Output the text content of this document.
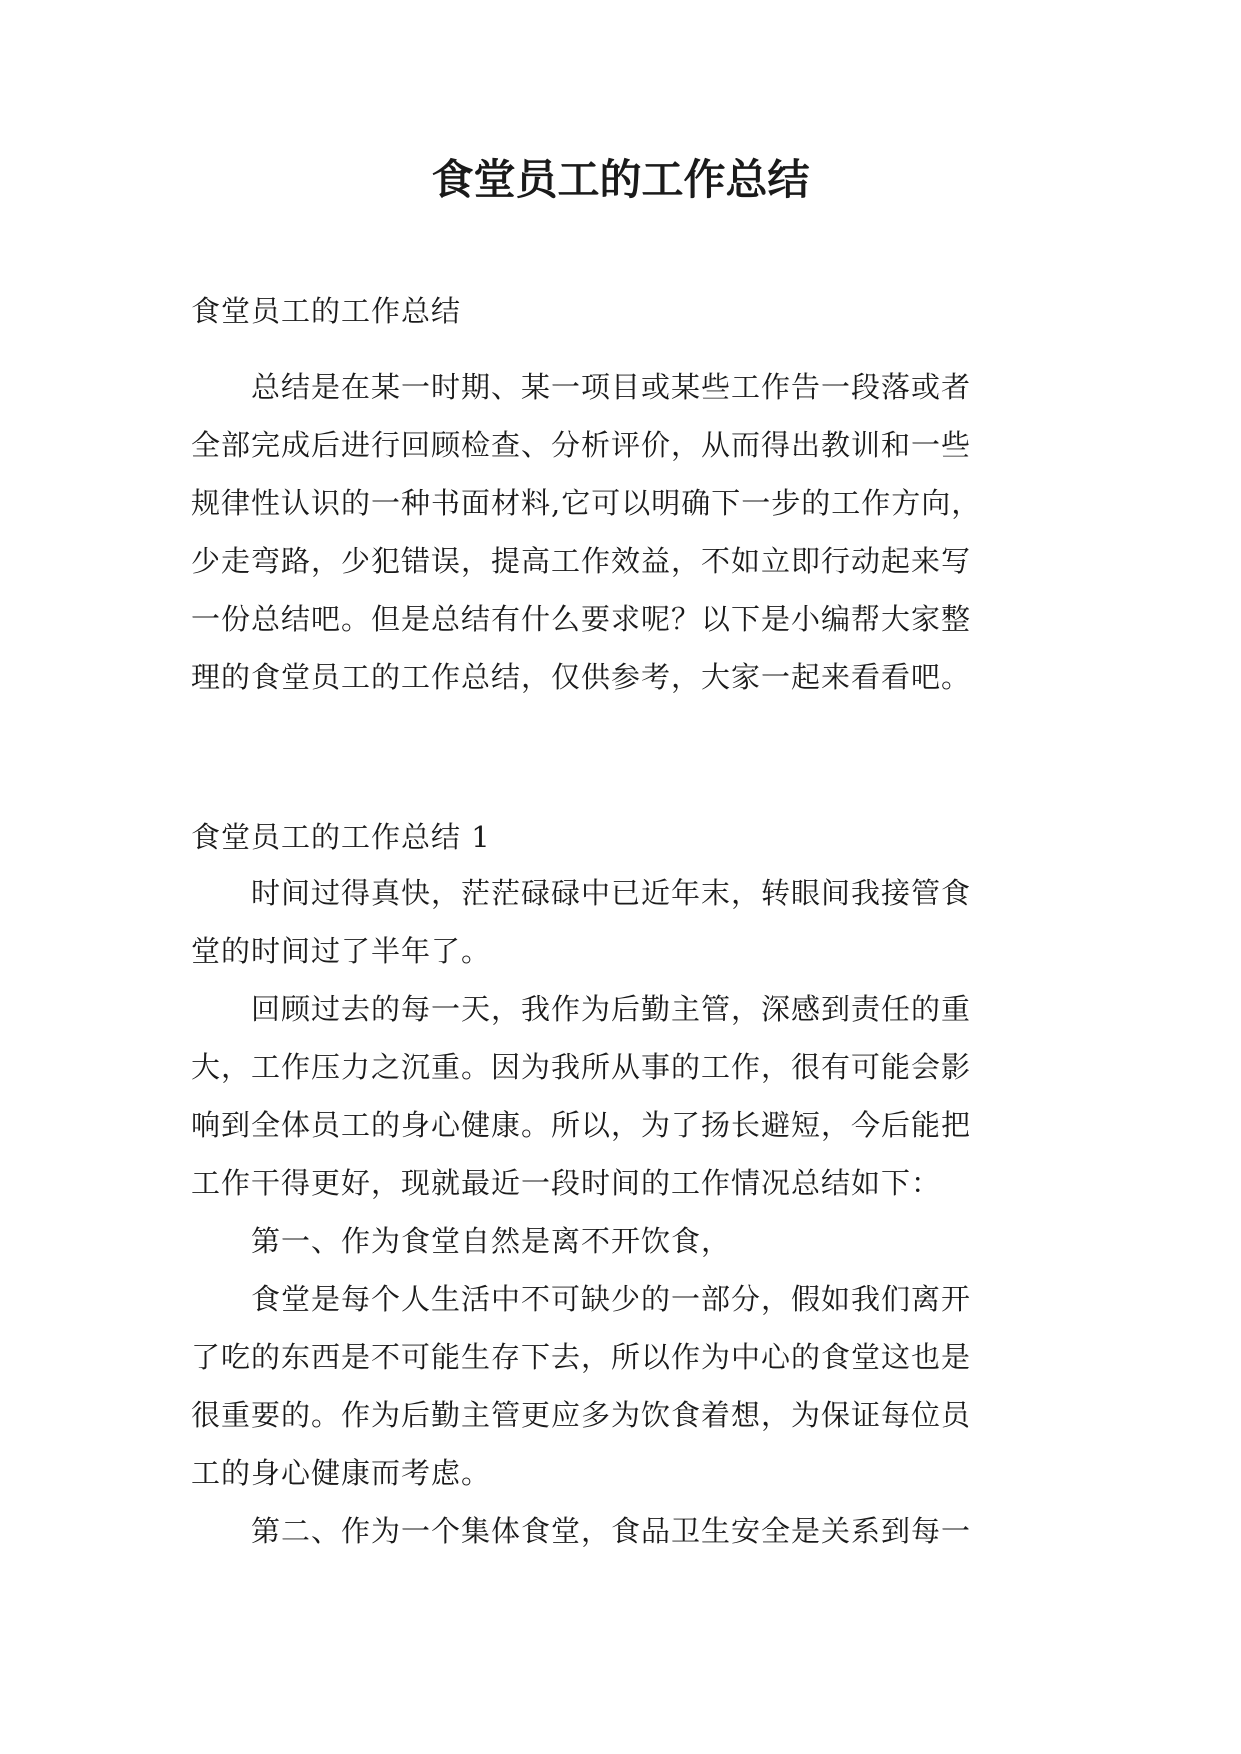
食堂员工的工作总结

食堂员工的工作总结

　　总结是在某一时期、某一项目或某些工作告一段落或者
全部完成后进行回顾检查、分析评价，从而得出教训和一些
规律性认识的一种书面材料,它可以明确下一步的工作方向，
少走弯路，少犯错误，提高工作效益，不如立即行动起来写
一份总结吧。但是总结有什么要求呢？以下是小编帮大家整
理的食堂员工的工作总结，仅供参考，大家一起来看看吧。

食堂员工的工作总结 1

　　时间过得真快，茫茫碌碌中已近年末，转眼间我接管食
堂的时间过了半年了。
　　回顾过去的每一天，我作为后勤主管，深感到责任的重
大，工作压力之沉重。因为我所从事的工作，很有可能会影
响到全体员工的身心健康。所以，为了扬长避短，今后能把
工作干得更好，现就最近一段时间的工作情况总结如下：
　　第一、作为食堂自然是离不开饮食，
　　食堂是每个人生活中不可缺少的一部分，假如我们离开
了吃的东西是不可能生存下去，所以作为中心的食堂这也是
很重要的。作为后勤主管更应多为饮食着想，为保证每位员
工的身心健康而考虑。
　　第二、作为一个集体食堂，食品卫生安全是关系到每一
